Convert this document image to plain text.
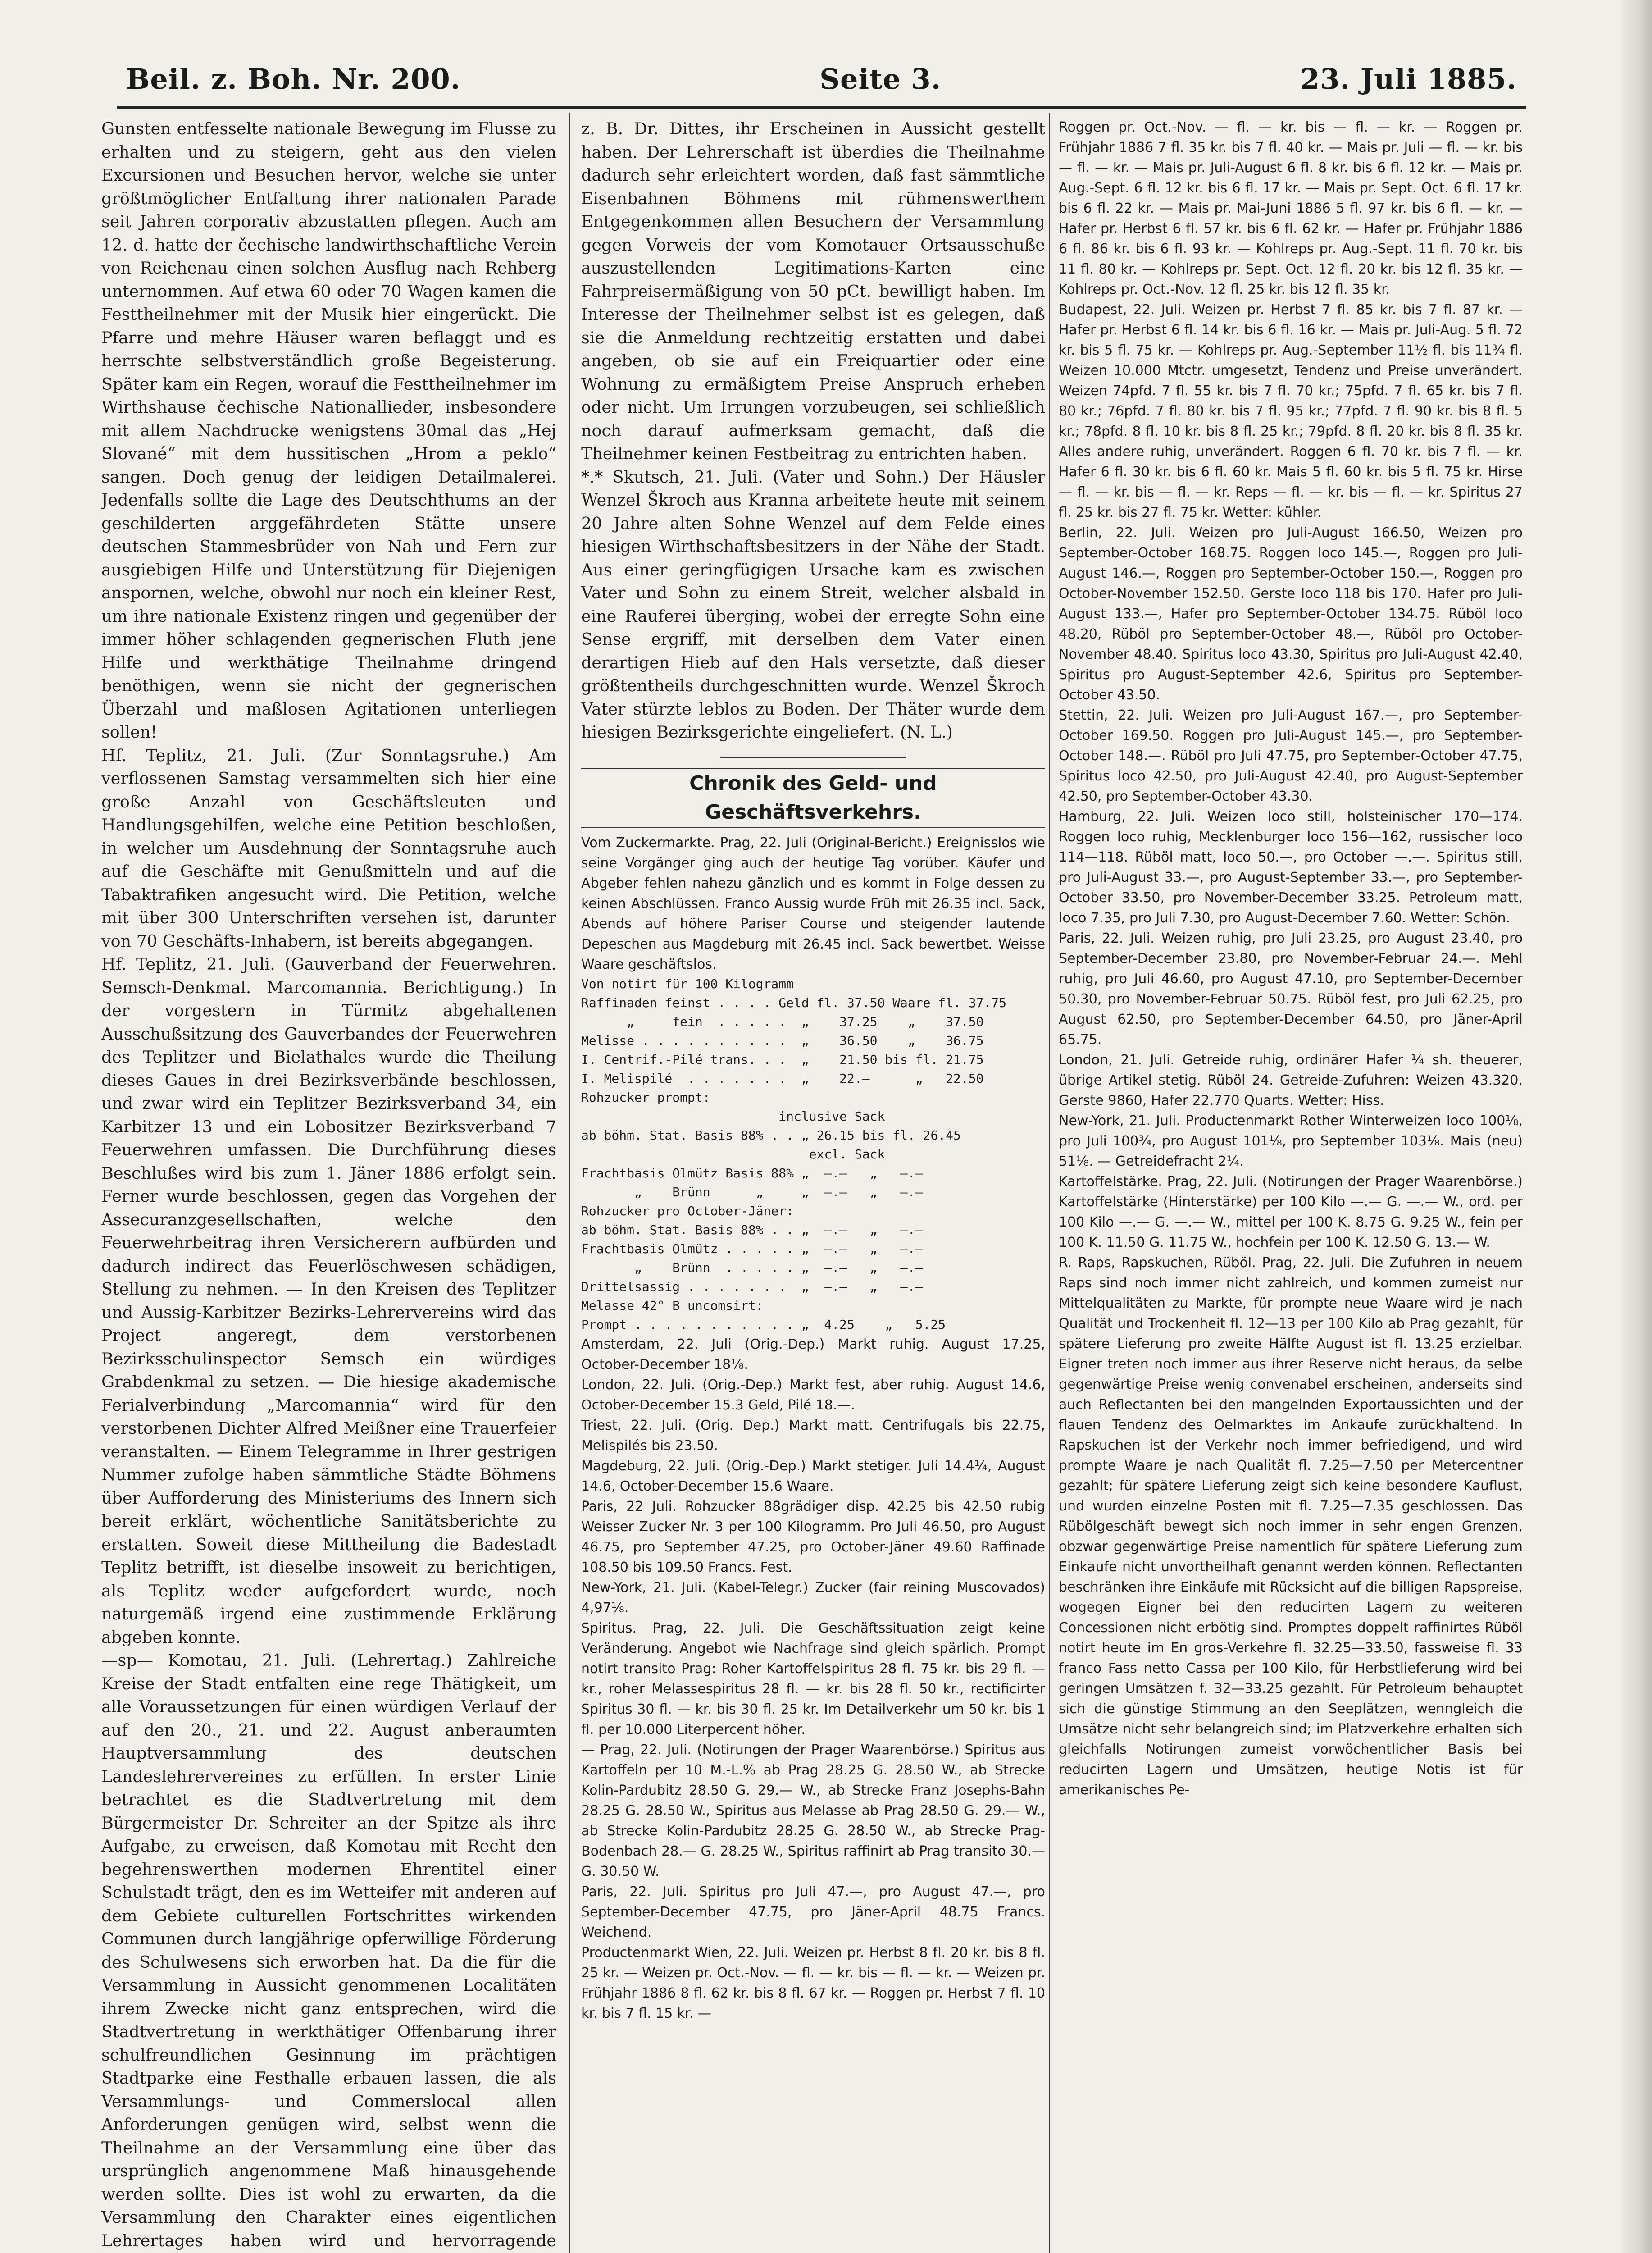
Beil. z. Boh. Nr. 200.	Seite 3.	23. Juli 1885.

Gunsten entfesselte nationale Bewegung im Flusse zu erhalten und zu steigern, geht aus den vielen Excursionen und Besuchen hervor, welche sie unter größtmöglicher Entfaltung ihrer nationalen Parade seit Jahren corporativ abzustatten pflegen. Auch am 12. d. hatte der čechische landwirthschaftliche Verein von Reichenau einen solchen Ausflug nach Rehberg unternommen. Auf etwa 60 oder 70 Wagen kamen die Festtheilnehmer mit der Musik hier eingerückt. Die Pfarre und mehre Häuser waren beflaggt und es herrschte selbstverständlich große Begeisterung. Später kam ein Regen, worauf die Festtheilnehmer im Wirthshause čechische Nationallieder, insbesondere mit allem Nachdrucke wenigstens 30mal das „Hej Slované“ mit dem hussitischen „Hrom a peklo“ sangen. Doch genug der leidigen Detailmalerei. Jedenfalls sollte die Lage des Deutschthums an der geschilderten arggefährdeten Stätte unsere deutschen Stammesbrüder von Nah und Fern zur ausgiebigen Hilfe und Unterstützung für Diejenigen anspornen, welche, obwohl nur noch ein kleiner Rest, um ihre nationale Existenz ringen und gegenüber der immer höher schlagenden gegnerischen Fluth jene Hilfe und werkthätige Theilnahme dringend benöthigen, wenn sie nicht der gegnerischen Überzahl und maßlosen Agitationen unterliegen sollen!

Hf. Teplitz, 21. Juli. (Zur Sonntagsruhe.) Am verflossenen Samstag versammelten sich hier eine große Anzahl von Geschäftsleuten und Handlungsgehilfen, welche eine Petition beschloßen, in welcher um Ausdehnung der Sonntagsruhe auch auf die Geschäfte mit Genußmitteln und auf die Tabaktrafiken angesucht wird. Die Petition, welche mit über 300 Unterschriften versehen ist, darunter von 70 Geschäfts-Inhabern, ist bereits abgegangen.

Hf. Teplitz, 21. Juli. (Gauverband der Feuerwehren. Semsch-Denkmal. Marcomannia. Berichtigung.) In der vorgestern in Türmitz abgehaltenen Ausschußsitzung des Gauverbandes der Feuerwehren des Teplitzer und Bielathales wurde die Theilung dieses Gaues in drei Bezirksverbände beschlossen, und zwar wird ein Teplitzer Bezirksverband 34, ein Karbitzer 13 und ein Lobositzer Bezirksverband 7 Feuerwehren umfassen. Die Durchführung dieses Beschlußes wird bis zum 1. Jäner 1886 erfolgt sein. Ferner wurde beschlossen, gegen das Vorgehen der Assecuranzgesellschaften, welche den Feuerwehrbeitrag ihren Versicherern aufbürden und dadurch indirect das Feuerlöschwesen schädigen, Stellung zu nehmen. — In den Kreisen des Teplitzer und Aussig-Karbitzer Bezirks-Lehrervereins wird das Project angeregt, dem verstorbenen Bezirksschulinspector Semsch ein würdiges Grabdenkmal zu setzen. — Die hiesige akademische Ferialverbindung „Marcomannia“ wird für den verstorbenen Dichter Alfred Meißner eine Trauerfeier veranstalten. — Einem Telegramme in Ihrer gestrigen Nummer zufolge haben sämmtliche Städte Böhmens über Aufforderung des Ministeriums des Innern sich bereit erklärt, wöchentliche Sanitätsberichte zu erstatten. Soweit diese Mittheilung die Badestadt Teplitz betrifft, ist dieselbe insoweit zu berichtigen, als Teplitz weder aufgefordert wurde, noch naturgemäß irgend eine zustimmende Erklärung abgeben konnte.

—sp— Komotau, 21. Juli. (Lehrertag.) Zahlreiche Kreise der Stadt entfalten eine rege Thätigkeit, um alle Voraussetzungen für einen würdigen Verlauf der auf den 20., 21. und 22. August anberaumten Hauptversammlung des deutschen Landeslehrervereines zu erfüllen. In erster Linie betrachtet es die Stadtvertretung mit dem Bürgermeister Dr. Schreiter an der Spitze als ihre Aufgabe, zu erweisen, daß Komotau mit Recht den begehrenswerthen modernen Ehrentitel einer Schulstadt trägt, den es im Wetteifer mit anderen auf dem Gebiete culturellen Fortschrittes wirkenden Communen durch langjährige opferwillige Förderung des Schulwesens sich erworben hat. Da die für die Versammlung in Aussicht genommenen Localitäten ihrem Zwecke nicht ganz entsprechen, wird die Stadtvertretung in werkthätiger Offenbarung ihrer schulfreundlichen Gesinnung im prächtigen Stadtparke eine Festhalle erbauen lassen, die als Versammlungs- und Commerslocal allen Anforderungen genügen wird, selbst wenn die Theilnahme an der Versammlung eine über das ursprünglich angenommene Maß hinausgehende werden sollte. Dies ist wohl zu erwarten, da die Versammlung den Charakter eines eigentlichen Lehrertages haben wird und hervorragende

z. B. Dr. Dittes, ihr Erscheinen in Aussicht gestellt haben. Der Lehrerschaft ist überdies die Theilnahme dadurch sehr erleichtert worden, daß fast sämmtliche Eisenbahnen Böhmens mit rühmenswerthem Entgegenkommen allen Besuchern der Versammlung gegen Vorweis der vom Komotauer Ortsausschuße auszustellenden Legitimations-Karten eine Fahrpreisermäßigung von 50 pCt. bewilligt haben. Im Interesse der Theilnehmer selbst ist es gelegen, daß sie die Anmeldung rechtzeitig erstatten und dabei angeben, ob sie auf ein Freiquartier oder eine Wohnung zu ermäßigtem Preise Anspruch erheben oder nicht. Um Irrungen vorzubeugen, sei schließlich noch darauf aufmerksam gemacht, daß die Theilnehmer keinen Festbeitrag zu entrichten haben.

*.* Skutsch, 21. Juli. (Vater und Sohn.) Der Häusler Wenzel Škroch aus Kranna arbeitete heute mit seinem 20 Jahre alten Sohne Wenzel auf dem Felde eines hiesigen Wirthschaftsbesitzers in der Nähe der Stadt. Aus einer geringfügigen Ursache kam es zwischen Vater und Sohn zu einem Streit, welcher alsbald in eine Rauferei überging, wobei der erregte Sohn eine Sense ergriff, mit derselben dem Vater einen derartigen Hieb auf den Hals versetzte, daß dieser größtentheils durchgeschnitten wurde. Wenzel Škroch Vater stürzte leblos zu Boden. Der Thäter wurde dem hiesigen Bezirksgerichte eingeliefert. (N. L.)

Chronik des Geld- und Geschäftsverkehrs.

Vom Zuckermarkte. Prag, 22. Juli (Original-Bericht.) Ereignisslos wie seine Vorgänger ging auch der heutige Tag vorüber. Käufer und Abgeber fehlen nahezu gänzlich und es kommt in Folge dessen zu keinen Abschlüssen. Franco Aussig wurde Früh mit 26.35 incl. Sack, Abends auf höhere Pariser Course und steigender lautende Depeschen aus Magdeburg mit 26.45 incl. Sack bewertbet. Weisse Waare geschäftslos.

Von notirt für 100 Kilogramm
Raffinaden feinst . . . . Geld fl. 37.50 Waare fl. 37.75
„     fein  . . . . .  „    37.25    „    37.50
Melisse . . . . . . . . . .  „    36.50    „    36.75
I. Centrif.-Pilé trans. . .  „    21.50 bis fl. 21.75
I. Melispilé  . . . . . . .  „    22.—      „   22.50
Rohzucker prompt:
inclusive Sack
ab böhm. Stat. Basis 88% . . „ 26.15 bis fl. 26.45
excl. Sack
Frachtbasis Olmütz Basis 88% „  —.—   „   —.—
„    Brünn      „     „  —.—   „   —.—
Rohzucker pro October-Jäner:
ab böhm. Stat. Basis 88% . . „  —.—   „   —.—
Frachtbasis Olmütz . . . . . „  —.—   „   —.—
„    Brünn  . . . . . „  —.—   „   —.—
Drittelsassig . . . . . . .  „  —.—   „   —.—
Melasse 42° B uncomsirt:
Prompt . . . . . . . . . . . „  4.25    „   5.25

Amsterdam, 22. Juli (Orig.-Dep.) Markt ruhig. August 17.25, October-December 18⅛.

London, 22. Juli. (Orig.-Dep.) Markt fest, aber ruhig. August 14.6, October-December 15.3 Geld, Pilé 18.—.

Triest, 22. Juli. (Orig. Dep.) Markt matt. Centrifugals bis 22.75, Melispilés bis 23.50.

Magdeburg, 22. Juli. (Orig.-Dep.) Markt stetiger. Juli 14.4¼, August 14.6, October-December 15.6 Waare.

Paris, 22 Juli. Rohzucker 88grädiger disp. 42.25 bis 42.50 rubig Weisser Zucker Nr. 3 per 100 Kilogramm. Pro Juli 46.50, pro August 46.75, pro September 47.25, pro October-Jäner 49.60 Raffinade 108.50 bis 109.50 Francs. Fest.

New-York, 21. Juli. (Kabel-Telegr.) Zucker (fair reining Muscovados) 4,97⅛.

Spiritus. Prag, 22. Juli. Die Geschäftssituation zeigt keine Veränderung. Angebot wie Nachfrage sind gleich spärlich. Prompt notirt transito Prag: Roher Kartoffelspiritus 28 fl. 75 kr. bis 29 fl. — kr., roher Melassespiritus 28 fl. — kr. bis 28 fl. 50 kr., rectificirter Spiritus 30 fl. — kr. bis 30 fl. 25 kr. Im Detailverkehr um 50 kr. bis 1 fl. per 10.000 Literpercent höher.

— Prag, 22. Juli. (Notirungen der Prager Waarenbörse.) Spiritus aus Kartoffeln per 10 M.-L.% ab Prag 28.25 G. 28.50 W., ab Strecke Kolin-Pardubitz 28.50 G. 29.— W., ab Strecke Franz Josephs-Bahn 28.25 G. 28.50 W., Spiritus aus Melasse ab Prag 28.50 G. 29.— W., ab Strecke Kolin-Pardubitz 28.25 G. 28.50 W., ab Strecke Prag-Bodenbach 28.— G. 28.25 W., Spiritus raffinirt ab Prag transito 30.— G. 30.50 W.

Paris, 22. Juli. Spiritus pro Juli 47.—, pro August 47.—, pro September-December 47.75, pro Jäner-April 48.75 Francs. Weichend.

Productenmarkt Wien, 22. Juli. Weizen pr. Herbst 8 fl. 20 kr. bis 8 fl. 25 kr. — Weizen pr. Oct.-Nov. — fl. — kr. bis — fl. — kr. — Weizen pr. Frühjahr 1886 8 fl. 62 kr. bis 8 fl. 67 kr. — Roggen pr. Herbst 7 fl. 10 kr. bis 7 fl. 15 kr. —

Roggen pr. Oct.-Nov. — fl. — kr. bis — fl. — kr. — Roggen pr. Frühjahr 1886 7 fl. 35 kr. bis 7 fl. 40 kr. — Mais pr. Juli — fl. — kr. bis — fl. — kr. — Mais pr. Juli-August 6 fl. 8 kr. bis 6 fl. 12 kr. — Mais pr. Aug.-Sept. 6 fl. 12 kr. bis 6 fl. 17 kr. — Mais pr. Sept. Oct. 6 fl. 17 kr. bis 6 fl. 22 kr. — Mais pr. Mai-Juni 1886 5 fl. 97 kr. bis 6 fl. — kr. — Hafer pr. Herbst 6 fl. 57 kr. bis 6 fl. 62 kr. — Hafer pr. Frühjahr 1886 6 fl. 86 kr. bis 6 fl. 93 kr. — Kohlreps pr. Aug.-Sept. 11 fl. 70 kr. bis 11 fl. 80 kr. — Kohlreps pr. Sept. Oct. 12 fl. 20 kr. bis 12 fl. 35 kr. — Kohlreps pr. Oct.-Nov. 12 fl. 25 kr. bis 12 fl. 35 kr.

Budapest, 22. Juli. Weizen pr. Herbst 7 fl. 85 kr. bis 7 fl. 87 kr. — Hafer pr. Herbst 6 fl. 14 kr. bis 6 fl. 16 kr. — Mais pr. Juli-Aug. 5 fl. 72 kr. bis 5 fl. 75 kr. — Kohlreps pr. Aug.-September 11½ fl. bis 11¾ fl. Weizen 10.000 Mtctr. umgesetzt, Tendenz und Preise unverändert. Weizen 74pfd. 7 fl. 55 kr. bis 7 fl. 70 kr.; 75pfd. 7 fl. 65 kr. bis 7 fl. 80 kr.; 76pfd. 7 fl. 80 kr. bis 7 fl. 95 kr.; 77pfd. 7 fl. 90 kr. bis 8 fl. 5 kr.; 78pfd. 8 fl. 10 kr. bis 8 fl. 25 kr.; 79pfd. 8 fl. 20 kr. bis 8 fl. 35 kr. Alles andere ruhig, unverändert. Roggen 6 fl. 70 kr. bis 7 fl. — kr. Hafer 6 fl. 30 kr. bis 6 fl. 60 kr. Mais 5 fl. 60 kr. bis 5 fl. 75 kr. Hirse — fl. — kr. bis — fl. — kr. Reps — fl. — kr. bis — fl. — kr. Spiritus 27 fl. 25 kr. bis 27 fl. 75 kr. Wetter: kühler.

Berlin, 22. Juli. Weizen pro Juli-August 166.50, Weizen pro September-October 168.75. Roggen loco 145.—, Roggen pro Juli-August 146.—, Roggen pro September-October 150.—, Roggen pro October-November 152.50. Gerste loco 118 bis 170. Hafer pro Juli-August 133.—, Hafer pro September-October 134.75. Rüböl loco 48.20, Rüböl pro September-October 48.—, Rüböl pro October-November 48.40. Spiritus loco 43.30, Spiritus pro Juli-August 42.40, Spiritus pro August-September 42.6, Spiritus pro September-October 43.50.

Stettin, 22. Juli. Weizen pro Juli-August 167.—, pro September-October 169.50. Roggen pro Juli-August 145.—, pro September-October 148.—. Rüböl pro Juli 47.75, pro September-October 47.75, Spiritus loco 42.50, pro Juli-August 42.40, pro August-September 42.50, pro September-October 43.30.

Hamburg, 22. Juli. Weizen loco still, holsteinischer 170—174. Roggen loco ruhig, Mecklenburger loco 156—162, russischer loco 114—118. Rüböl matt, loco 50.—, pro October —.—. Spiritus still, pro Juli-August 33.—, pro August-September 33.—, pro September-October 33.50, pro November-December 33.25. Petroleum matt, loco 7.35, pro Juli 7.30, pro August-December 7.60. Wetter: Schön.

Paris, 22. Juli. Weizen ruhig, pro Juli 23.25, pro August 23.40, pro September-December 23.80, pro November-Februar 24.—. Mehl ruhig, pro Juli 46.60, pro August 47.10, pro September-December 50.30, pro November-Februar 50.75. Rüböl fest, pro Juli 62.25, pro August 62.50, pro September-December 64.50, pro Jäner-April 65.75.

London, 21. Juli. Getreide ruhig, ordinärer Hafer ¼ sh. theuerer, übrige Artikel stetig. Rüböl 24. Getreide-Zufuhren: Weizen 43.320, Gerste 9860, Hafer 22.770 Quarts. Wetter: Hiss.

New-York, 21. Juli. Productenmarkt Rother Winterweizen loco 100⅛, pro Juli 100¾, pro August 101⅛, pro September 103⅛. Mais (neu) 51⅛. — Getreidefracht 2¼.

Kartoffelstärke. Prag, 22. Juli. (Notirungen der Prager Waarenbörse.) Kartoffelstärke (Hinterstärke) per 100 Kilo —.— G. —.— W., ord. per 100 Kilo —.— G. —.— W., mittel per 100 K. 8.75 G. 9.25 W., fein per 100 K. 11.50 G. 11.75 W., hochfein per 100 K. 12.50 G. 13.— W.

R. Raps, Rapskuchen, Rüböl. Prag, 22. Juli. Die Zufuhren in neuem Raps sind noch immer nicht zahlreich, und kommen zumeist nur Mittelqualitäten zu Markte, für prompte neue Waare wird je nach Qualität und Trockenheit fl. 12—13 per 100 Kilo ab Prag gezahlt, für spätere Lieferung pro zweite Hälfte August ist fl. 13.25 erzielbar. Eigner treten noch immer aus ihrer Reserve nicht heraus, da selbe gegenwärtige Preise wenig convenabel erscheinen, anderseits sind auch Reflectanten bei den mangelnden Exportaussichten und der flauen Tendenz des Oelmarktes im Ankaufe zurückhaltend. In Rapskuchen ist der Verkehr noch immer befriedigend, und wird prompte Waare je nach Qualität fl. 7.25—7.50 per Metercentner gezahlt; für spätere Lieferung zeigt sich keine besondere Kauflust, und wurden einzelne Posten mit fl. 7.25—7.35 geschlossen. Das Rübölgeschäft bewegt sich noch immer in sehr engen Grenzen, obzwar gegenwärtige Preise namentlich für spätere Lieferung zum Einkaufe nicht unvortheilhaft genannt werden können. Reflectanten beschränken ihre Einkäufe mit Rücksicht auf die billigen Rapspreise, wogegen Eigner bei den reducirten Lagern zu weiteren Concessionen nicht erbötig sind. Promptes doppelt raffinirtes Rüböl notirt heute im En gros-Verkehre fl. 32.25—33.50, fassweise fl. 33 franco Fass netto Cassa per 100 Kilo, für Herbstlieferung wird bei geringen Umsätzen f. 32—33.25 gezahlt. Für Petroleum behauptet sich die günstige Stimmung an den Seeplätzen, wenngleich die Umsätze nicht sehr belangreich sind; im Platzverkehre erhalten sich gleichfalls Notirungen zumeist vorwöchentlicher Basis bei reducirten Lagern und Umsätzen, heutige Notis ist für amerikanisches Pe-
